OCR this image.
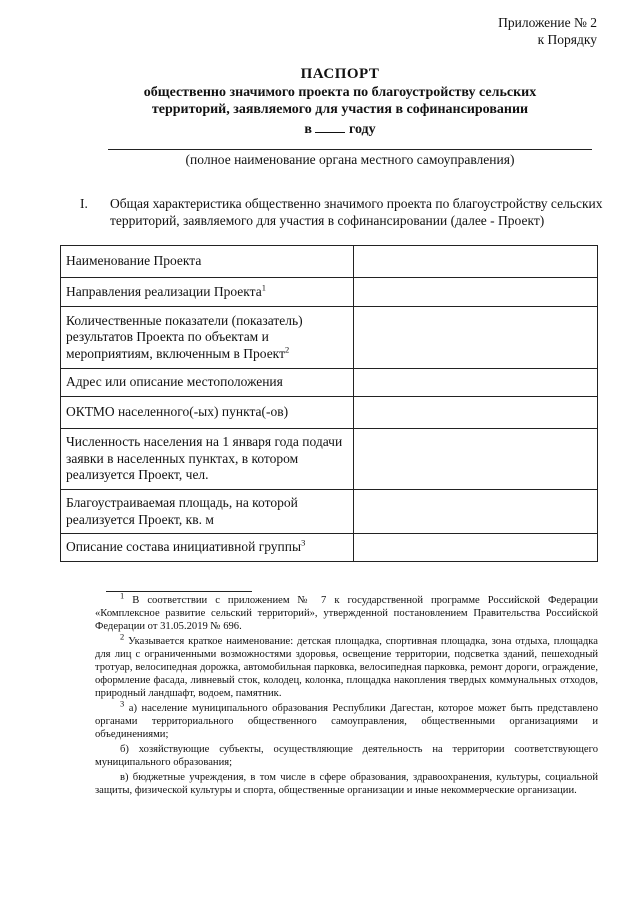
Приложение № 2
к Порядку
ПАСПОРТ
общественно значимого проекта по благоустройству сельских
территорий, заявляемого для участия в софинансировании
в	году
(полное наименование органа местного самоуправления)
I. Общая характеристика общественно значимого проекта по благоустройству сельских территорий, заявляемого для участия в софинансировании (далее - Проект)
Наименование Проекта	
Направления реализации Проекта$^1$	
Количественные показатели (показатель) результатов Проекта по объектам и мероприятиям, включенным в Проект$^2$	
Адрес или описание местоположения	
ОКТМО населенного(-ых) пункта(-ов)	
Численность населения на 1 января года подачи заявки в населенных пунктах, в котором реализуется Проект, чел.	
Благоустраиваемая площадь, на которой реализуется Проект, кв. м	
Описание состава инициативной группы$^3$	

$^1$ В соответствии с приложением № 7 к государственной программе Российской Федерации «Комплексное развитие сельский территорий», утвержденной постановлением Правительства Российской Федерации от 31.05.2019 № 696.

$^2$ Указывается краткое наименование: детская площадка, спортивная площадка, зона отдыха, площадка для лиц с ограниченными возможностями здоровья, освещение территории, подсветка зданий, пешеходный тротуар, велосипедная дорожка, автомобильная парковка, велосипедная парковка, ремонт дороги, ограждение, оформление фасада, ливневый сток, колодец, колонка, площадка накопления твердых коммунальных отходов, природный ландшафт, водоем, памятник.

$^3$ а) население муниципального образования Республики Дагестан, которое может быть представлено органами территориального общественного самоуправления, общественными организациями и объединениями;

б) хозяйствующие субъекты, осуществляющие деятельность на территории соответствующего муниципального образования;

в) бюджетные учреждения, в том числе в сфере образования, здравоохранения, культуры, социальной защиты, физической культуры и спорта, общественные организации и иные некоммерческие организации.
